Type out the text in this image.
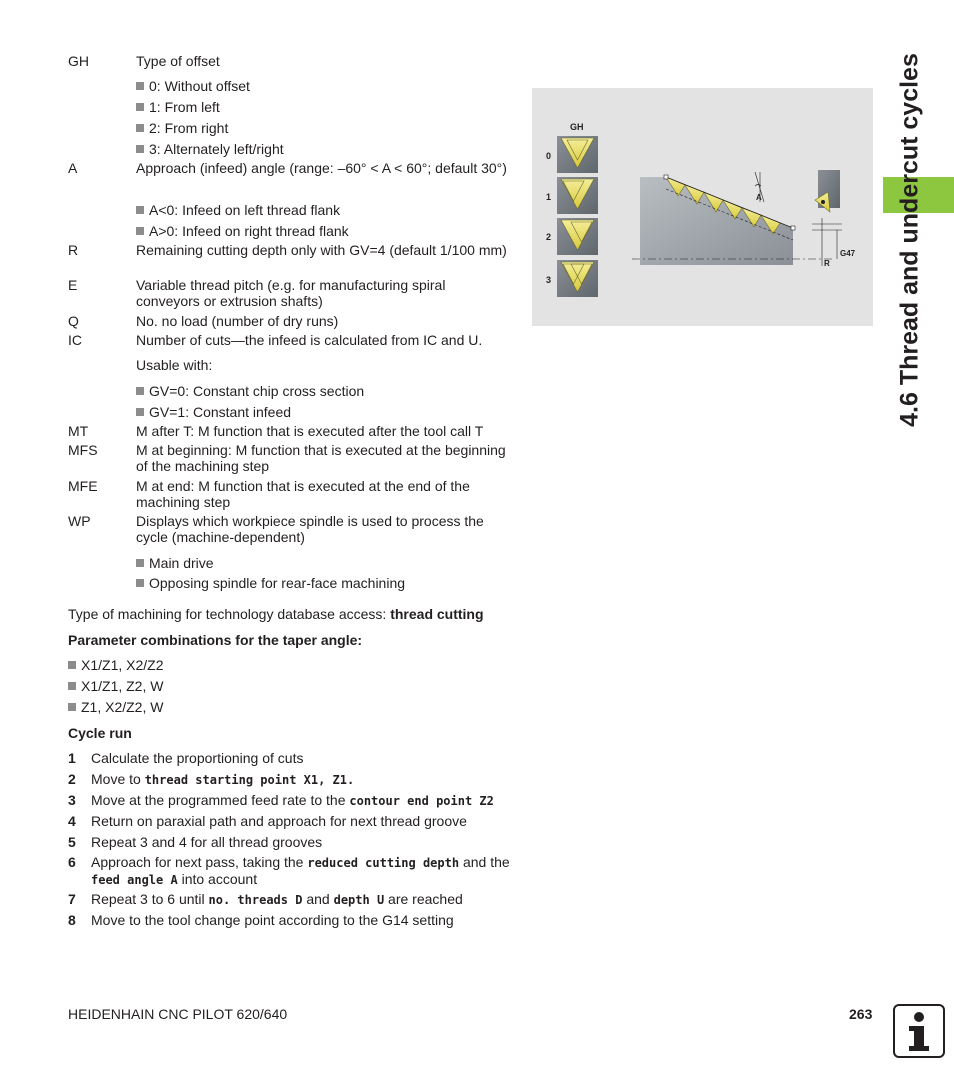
4.6 Thread and undercut cycles
GH	Type of offset
0: Without offset
1: From left
2: From right
3: Alternately left/right
A	Approach (infeed) angle (range: –60° < A < 60°; default 30°)
A<0: Infeed on left thread flank
A>0: Infeed on right thread flank
R	Remaining cutting depth only with GV=4 (default 1/100 mm)
E	Variable thread pitch (e.g. for manufacturing spiral conveyors or extrusion shafts)
Q	No. no load (number of dry runs)
IC	Number of cuts—the infeed is calculated from IC and U.
Usable with:
GV=0: Constant chip cross section
GV=1: Constant infeed
MT	M after T: M function that is executed after the tool call T
MFS	M at beginning: M function that is executed at the beginning of the machining step
MFE	M at end: M function that is executed at the end of the machining step
WP	Displays which workpiece spindle is used to process the cycle (machine-dependent)
Main drive
Opposing spindle for rear-face machining
Type of machining for technology database access: thread cutting
Parameter combinations for the taper angle:
X1/Z1, X2/Z2
X1/Z1, Z2, W
Z1, X2/Z2, W
Cycle run
1 Calculate the proportioning of cuts
2 Move to thread starting point X1, Z1.
3 Move at the programmed feed rate to the contour end point Z2
4 Return on paraxial path and approach for next thread groove
5 Repeat 3 and 4 for all thread grooves
6 Approach for next pass, taking the reduced cutting depth and the feed angle A into account
7 Repeat 3 to 6 until no. threads D and depth U are reached
8 Move to the tool change point according to the G14 setting
GH
0
1
2
3
A
G47
R
HEIDENHAIN CNC PILOT 620/640	263
